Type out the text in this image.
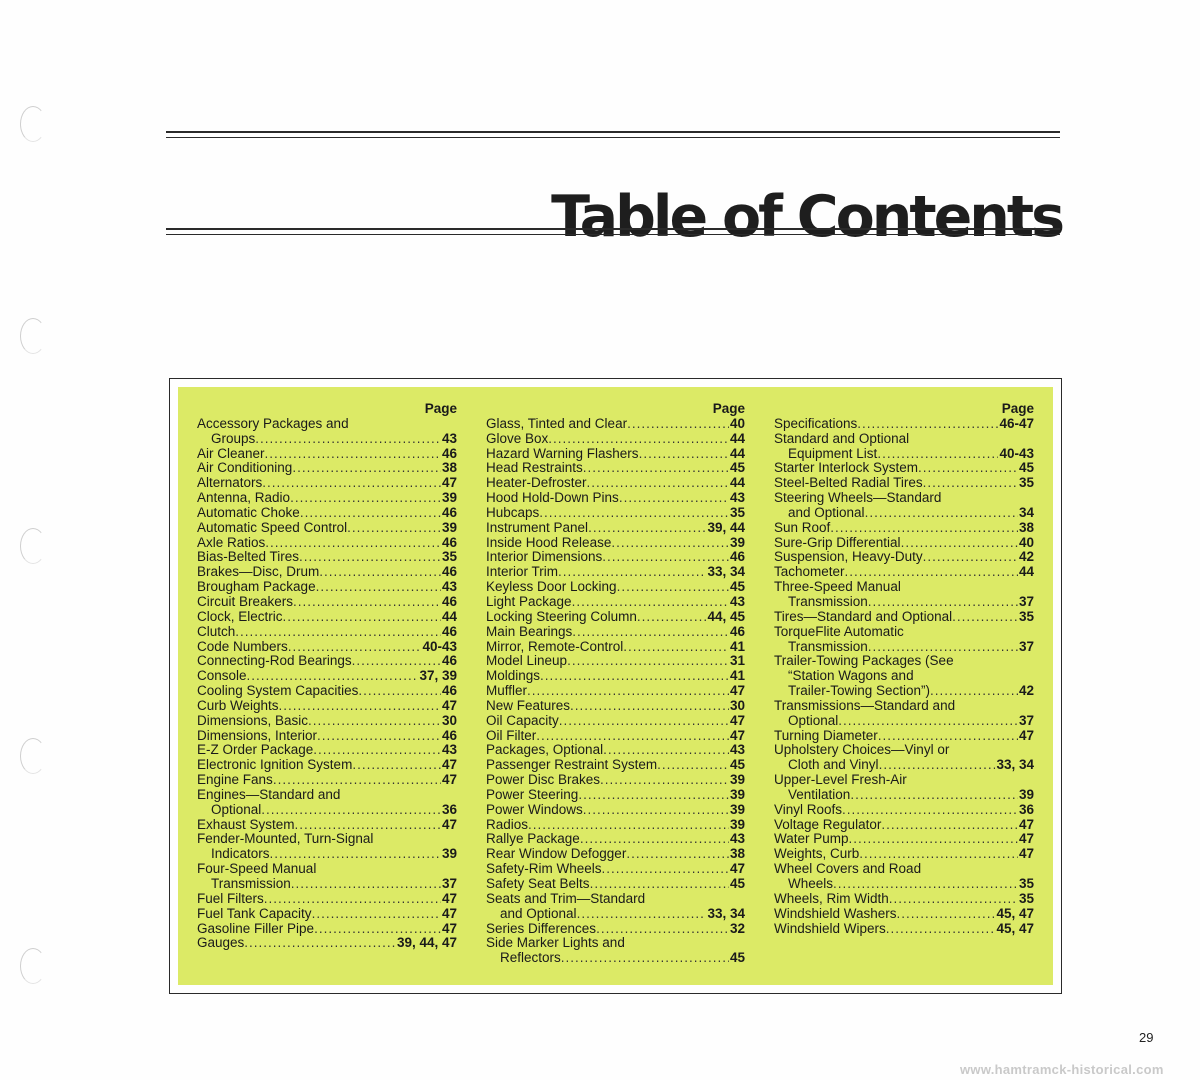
Table of Contents
Page
Accessory Packages and
Groups .....	43
Air Cleaner .....	46
Air Conditioning .....	38
Alternators .....	47
Antenna, Radio .....	39
Automatic Choke .....	46
Automatic Speed Control .....	39
Axle Ratios .....	46
Bias-Belted Tires .....	35
Brakes—Disc, Drum .....	46
Brougham Package .....	43
Circuit Breakers .....	46
Clock, Electric .....	44
Clutch .....	46
Code Numbers .....	40-43
Connecting-Rod Bearings .....	46
Console .....	37, 39
Cooling System Capacities .....	46
Curb Weights .....	47
Dimensions, Basic .....	30
Dimensions, Interior .....	46
E-Z Order Package .....	43
Electronic Ignition System .....	47
Engine Fans .....	47
Engines—Standard and
Optional .....	36
Exhaust System .....	47
Fender-Mounted, Turn-Signal
Indicators .....	39
Four-Speed Manual
Transmission .....	37
Fuel Filters .....	47
Fuel Tank Capacity .....	47
Gasoline Filler Pipe .....	47
Gauges .....	39, 44, 47
Page
Glass, Tinted and Clear .....	40
Glove Box .....	44
Hazard Warning Flashers .....	44
Head Restraints .....	45
Heater-Defroster .....	44
Hood Hold-Down Pins .....	43
Hubcaps .....	35
Instrument Panel .....	39, 44
Inside Hood Release .....	39
Interior Dimensions .....	46
Interior Trim .....	33, 34
Keyless Door Locking .....	45
Light Package .....	43
Locking Steering Column .....	44, 45
Main Bearings .....	46
Mirror, Remote-Control .....	41
Model Lineup .....	31
Moldings .....	41
Muffler .....	47
New Features .....	30
Oil Capacity .....	47
Oil Filter .....	47
Packages, Optional .....	43
Passenger Restraint System .....	45
Power Disc Brakes .....	39
Power Steering .....	39
Power Windows .....	39
Radios .....	39
Rallye Package .....	43
Rear Window Defogger .....	38
Safety-Rim Wheels .....	47
Safety Seat Belts .....	45
Seats and Trim—Standard
and Optional .....	33, 34
Series Differences .....	32
Side Marker Lights and
Reflectors .....	45
Page
Specifications .....	46-47
Standard and Optional
Equipment List .....	40-43
Starter Interlock System .....	45
Steel-Belted Radial Tires .....	35
Steering Wheels—Standard
and Optional .....	34
Sun Roof .....	38
Sure-Grip Differential .....	40
Suspension, Heavy-Duty .....	42
Tachometer .....	44
Three-Speed Manual
Transmission .....	37
Tires—Standard and Optional .....	35
TorqueFlite Automatic
Transmission .....	37
Trailer-Towing Packages (See
“Station Wagons and
Trailer-Towing Section”) .....	42
Transmissions—Standard and
Optional .....	37
Turning Diameter .....	47
Upholstery Choices—Vinyl or
Cloth and Vinyl .....	33, 34
Upper-Level Fresh-Air
Ventilation .....	39
Vinyl Roofs .....	36
Voltage Regulator .....	47
Water Pump .....	47
Weights, Curb .....	47
Wheel Covers and Road
Wheels .....	35
Wheels, Rim Width .....	35
Windshield Washers .....	45, 47
Windshield Wipers .....	45, 47
29
www.hamtramck-historical.com
